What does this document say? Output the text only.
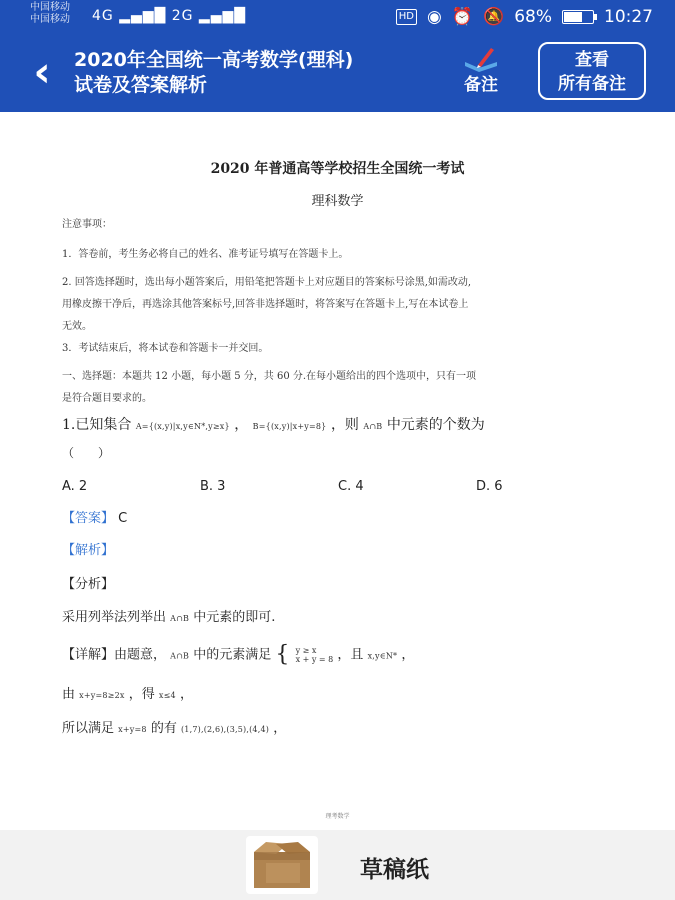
中国移动
中国移动 4G ▂▄▆█ 2G ▂▄▆█	HD ◉ ⏰ 🔕 68%	10:27
‹	2020年全国统一高考数学(理科)
试卷及答案解析	备注
查看
所有备注
2020 年普通高等学校招生全国统一考试
理科数学
注意事项：
1．答卷前，考生务必将自己的姓名、准考证号填写在答题卡上。
2. 回答选择题时，选出每小题答案后，用铅笔把答题卡上对应题目的答案标号涂黑,如需改动,
用橡皮擦干净后，再选涂其他答案标号,回答非选择题时，将答案写在答题卡上,写在本试卷上
无效。
3．考试结束后，将本试卷和答题卡一并交回。
一、选择题：本题共 12 小题，每小题 5 分，共 60 分.在每小题给出的四个选项中，只有一项
是符合题目要求的。
1.已知集合 A={(x,y)|x,y∈N*,y≥x} ， B={(x,y)|x+y=8} ，则 A∩B 中元素的个数为
（　　）
A. 2	B. 3	C. 4	D. 6
【答案】 C
【解析】
【分析】
采用列举法列举出 A∩B 中元素的即可.
【详解】由题意， A∩B 中的元素满足 { y ≥ x
x + y = 8 ，且 x,y∈N* ，
由 x+y=8≥2x ，得 x≤4 ，
所以满足 x+y=8 的有 (1,7),(2,6),(3,5),(4,4) ，
理考数学
草稿纸
